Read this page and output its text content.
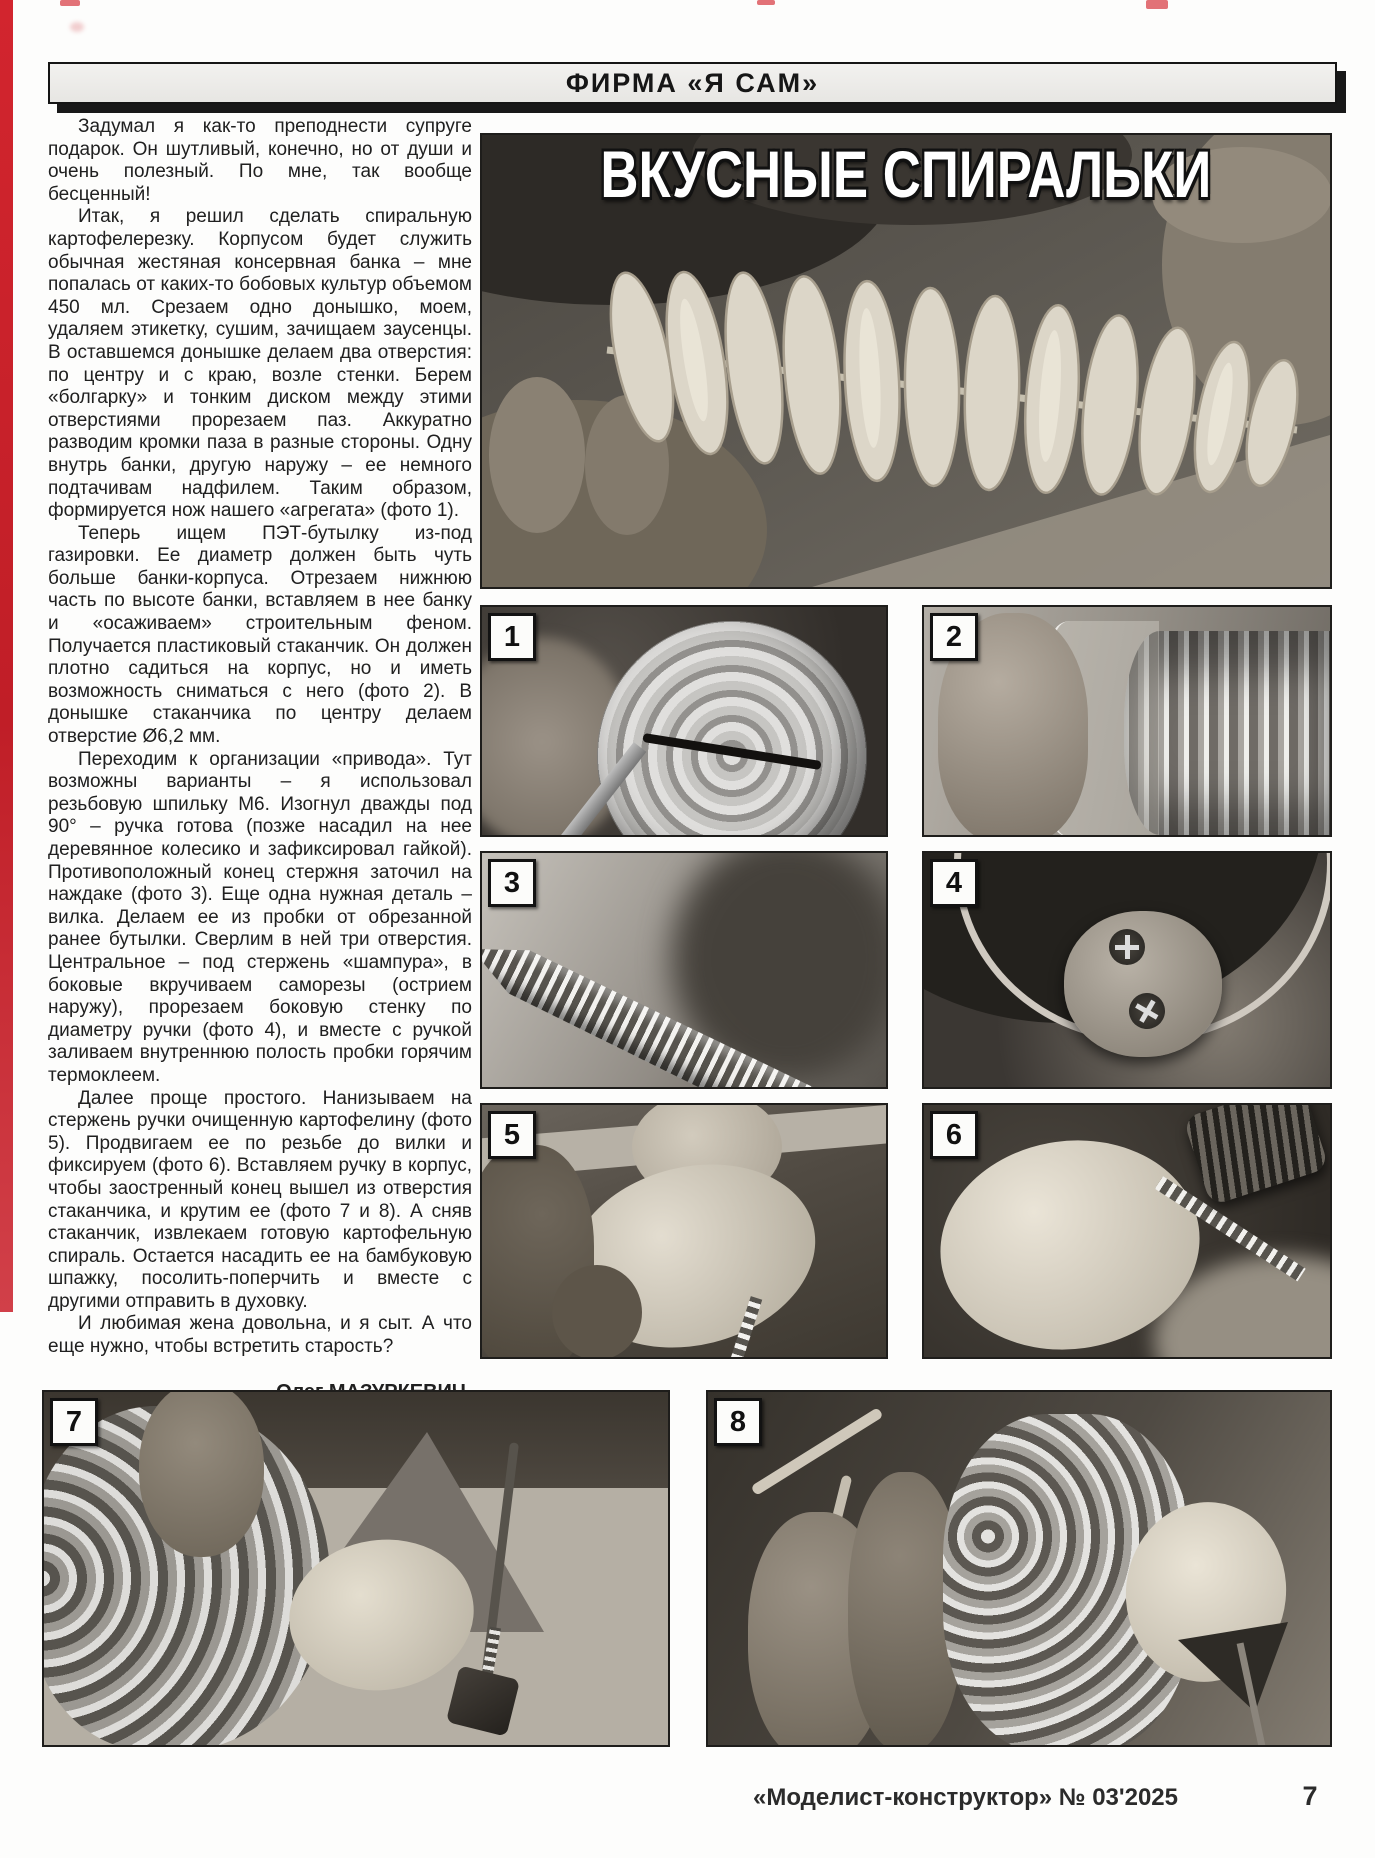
ФИРМА «Я САМ»

Задумал я как-то преподнести супруге подарок. Он шутливый, конечно, но от души и очень полезный. По мне, так вообще бесценный!

Итак, я решил сделать спиральную картофелерезку. Корпусом будет служить обычная жестяная консервная банка – мне попалась от каких-то бобовых культур объемом 450 мл. Срезаем одно донышко, моем, удаляем этикетку, сушим, зачищаем заусенцы. В оставшемся донышке делаем два отверстия: по центру и с краю, возле стенки. Берем «болгарку» и тонким диском между этими отверстиями прорезаем паз. Аккуратно разводим кромки паза в разные стороны. Одну внутрь банки, другую наружу – ее немного подтачивам надфилем. Таким образом, формируется нож нашего «агрегата» (фото 1).

Теперь ищем ПЭТ-бутылку из-под газировки. Ее диаметр должен быть чуть больше банки-корпуса. Отрезаем нижнюю часть по высоте банки, вставляем в нее банку и «осаживаем» строительным феном. Получается пластиковый стаканчик. Он должен плотно садиться на корпус, но и иметь возможность сниматься с него (фото 2). В донышке стаканчика по центру делаем отверстие Ø6,2 мм.

Переходим к организации «привода». Тут возможны варианты – я использовал резьбовую шпильку М6. Изогнул дважды под 90° – ручка готова (позже насадил на нее деревянное колесико и зафиксировал гайкой). Противоположный конец стержня заточил на наждаке (фото 3). Еще одна нужная деталь – вилка. Делаем ее из пробки от обрезанной ранее бутылки. Сверлим в ней три отверстия. Центральное – под стержень «шампура», в боковые вкручиваем саморезы (острием наружу), прорезаем боковую стенку по диаметру ручки (фото 4), и вместе с ручкой заливаем внутреннюю полость пробки горячим термоклеем.

Далее проще простого. Нанизываем на стержень ручки очищенную картофелину (фото 5). Продвигаем ее по резьбе до вилки и фиксируем (фото 6). Вставляем ручку в корпус, чтобы заостренный конец вышел из отверстия стаканчика, и крутим ее (фото 7 и 8). А сняв стаканчик, извлекаем готовую картофельную спираль. Остается насадить ее на бамбуковую шпажку, посолить-поперчить и вместе с другими отправить в духовку.

И любимая жена довольна, и я сыт. А что еще нужно, чтобы встретить старость?

ВКУСНЫЕ СПИРАЛЬКИ
1	2
3	4
5	6
7	8
«Моделист-конструктор» № 03'2025	7
